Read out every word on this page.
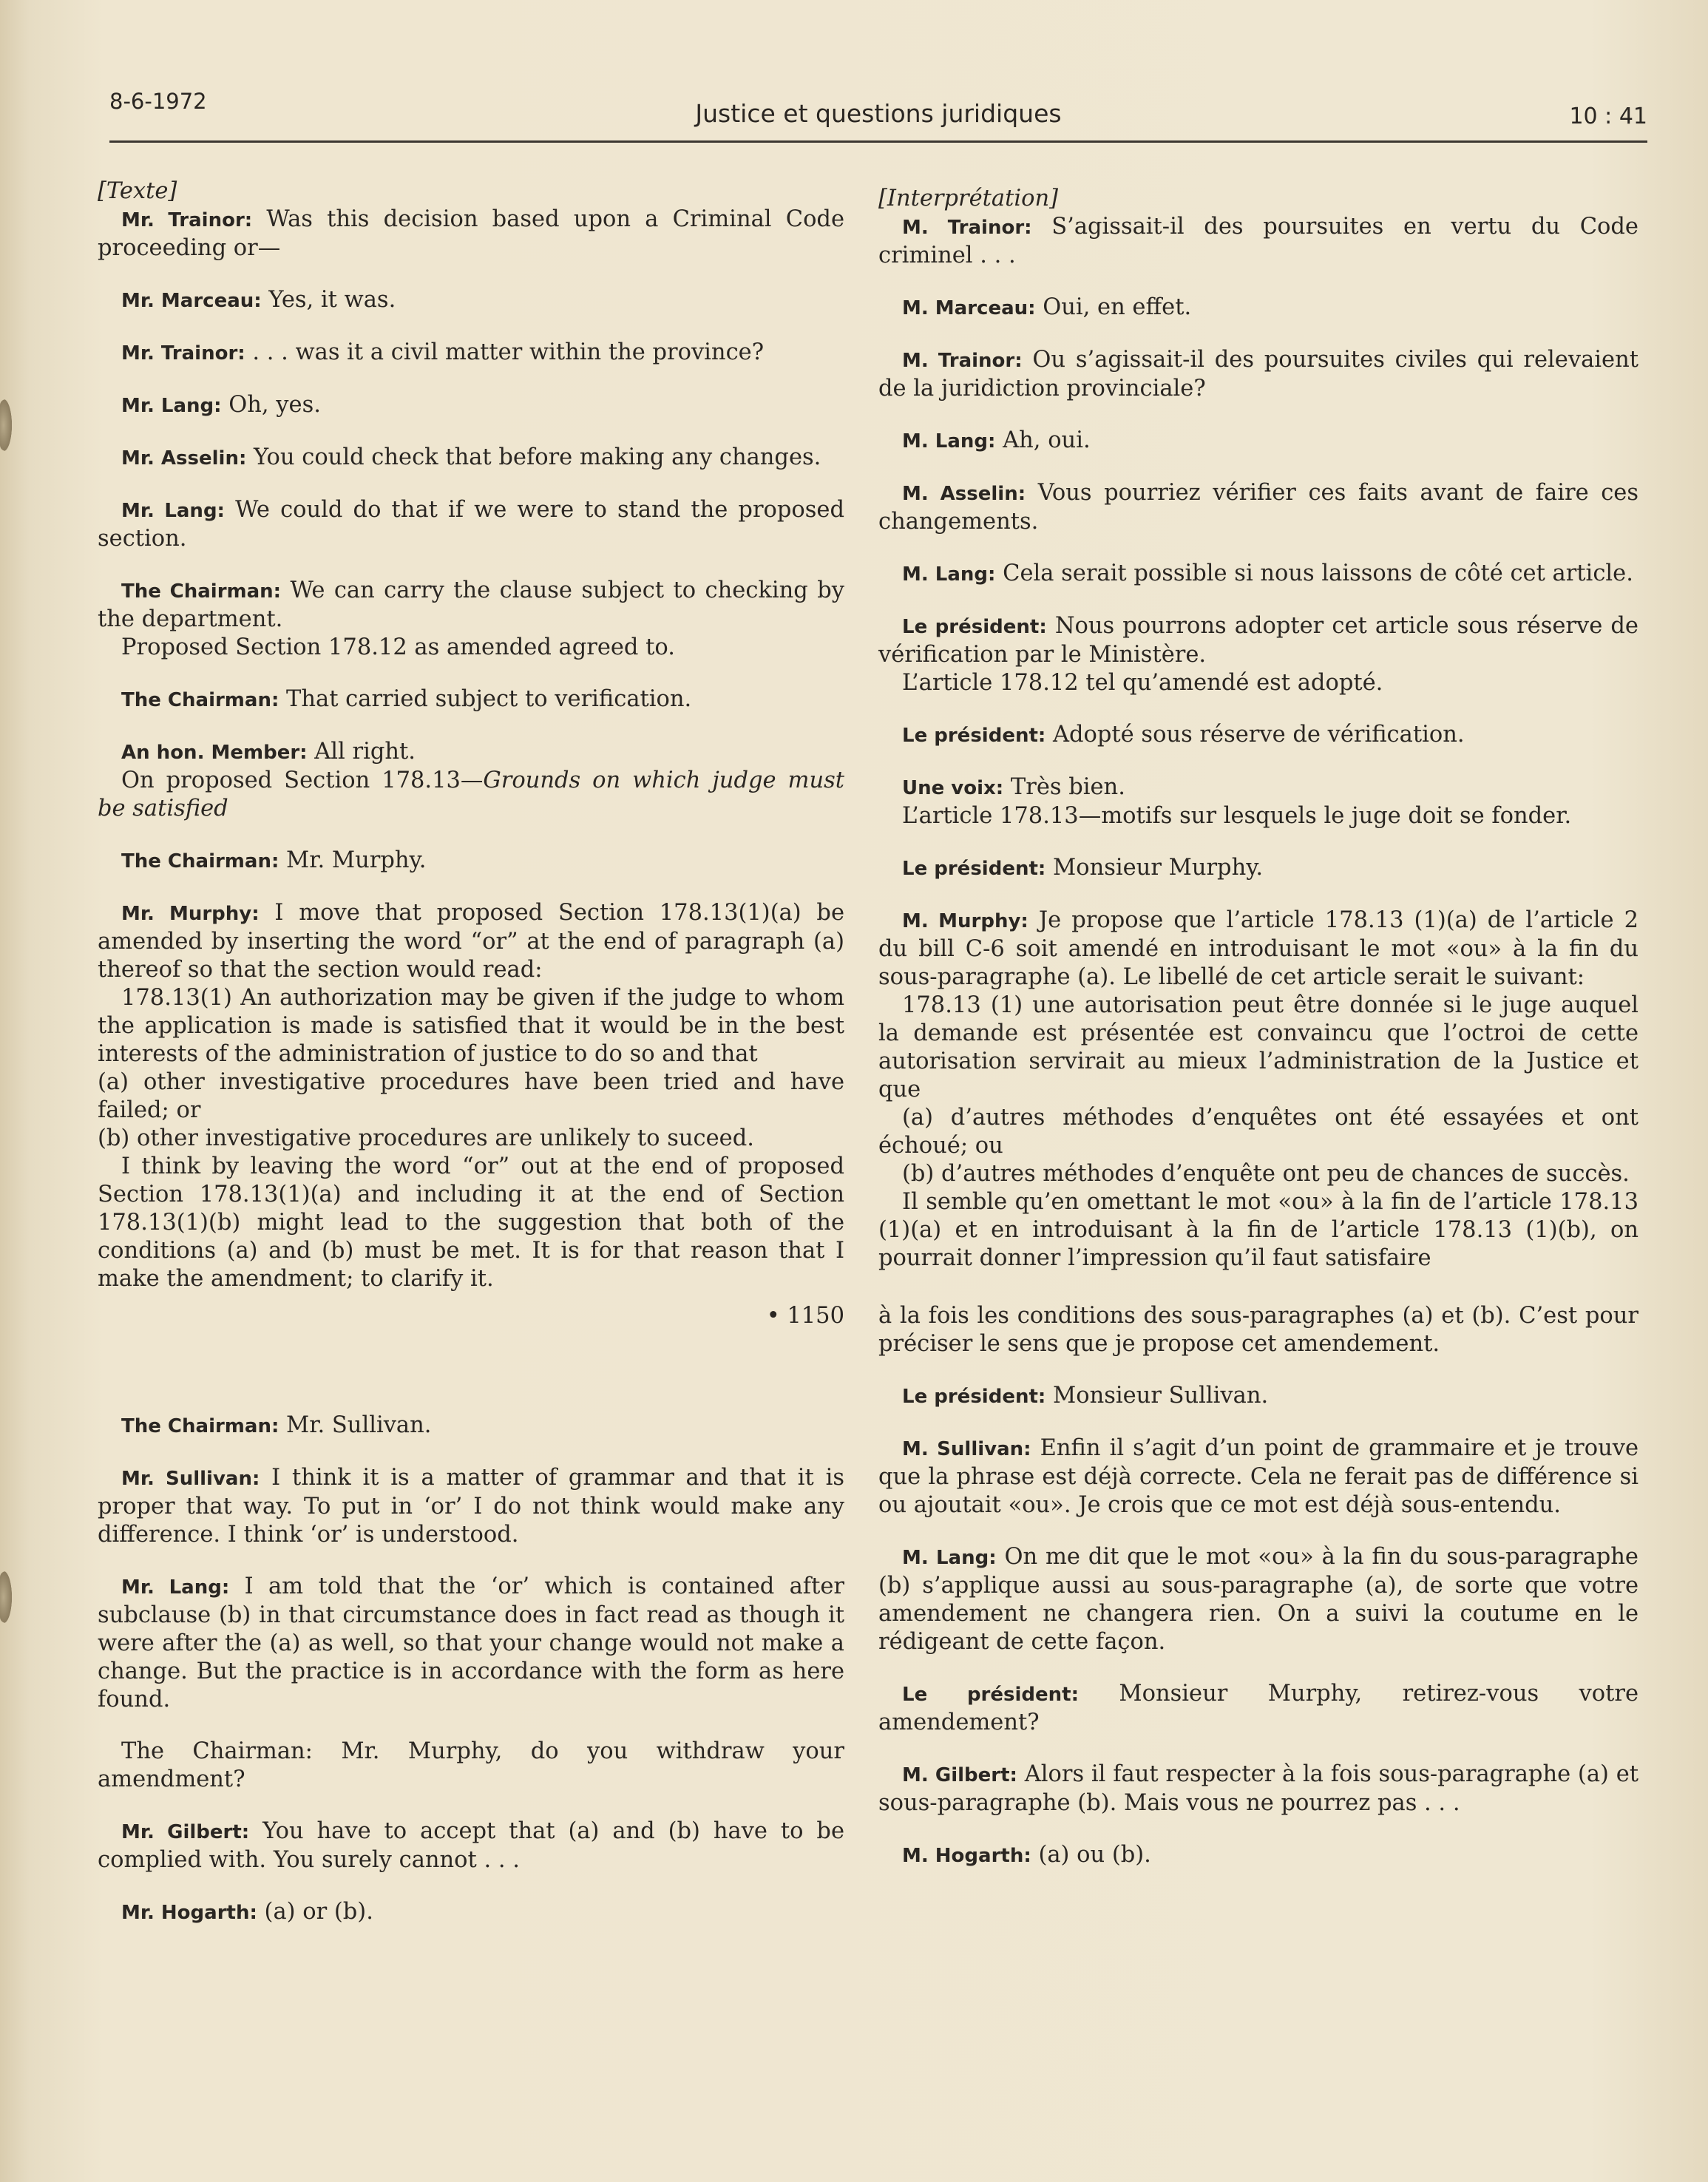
8-6-1972	Justice et questions juridiques	10 : 41

[Texte]

Mr. Trainor: Was this decision based upon a Criminal Code proceeding or—

Mr. Marceau: Yes, it was.

Mr. Trainor: . . . was it a civil matter within the province?

Mr. Lang: Oh, yes.

Mr. Asselin: You could check that before making any changes.

Mr. Lang: We could do that if we were to stand the proposed section.

The Chairman: We can carry the clause subject to checking by the department.

Proposed Section 178.12 as amended agreed to.

The Chairman: That carried subject to verification.

An hon. Member: All right.

On proposed Section 178.13—Grounds on which judge must be satisfied

The Chairman: Mr. Murphy.

Mr. Murphy: I move that proposed Section 178.13(1)(a) be amended by inserting the word “or” at the end of paragraph (a) thereof so that the section would read:

178.13(1) An authorization may be given if the judge to whom the application is made is satisfied that it would be in the best interests of the administration of justice to do so and that

(a) other investigative procedures have been tried and have failed; or

(b) other investigative procedures are unlikely to suceed.

I think by leaving the word “or” out at the end of proposed Section 178.13(1)(a) and including it at the end of Section 178.13(1)(b) might lead to the suggestion that both of the conditions (a) and (b) must be met. It is for that reason that I make the amendment; to clarify it.

• 1150

The Chairman: Mr. Sullivan.

Mr. Sullivan: I think it is a matter of grammar and that it is proper that way. To put in ‘or’ I do not think would make any difference. I think ‘or’ is understood.

Mr. Lang: I am told that the ‘or’ which is contained after subclause (b) in that circumstance does in fact read as though it were after the (a) as well, so that your change would not make a change. But the practice is in accordance with the form as here found.

The Chairman: Mr. Murphy, do you withdraw your amendment?

Mr. Gilbert: You have to accept that (a) and (b) have to be complied with. You surely cannot . . .

Mr. Hogarth: (a) or (b).

[Interprétation]

M. Trainor: S’agissait-il des poursuites en vertu du Code criminel . . .

M. Marceau: Oui, en effet.

M. Trainor: Ou s’agissait-il des poursuites civiles qui relevaient de la juridiction provinciale?

M. Lang: Ah, oui.

M. Asselin: Vous pourriez vérifier ces faits avant de faire ces changements.

M. Lang: Cela serait possible si nous laissons de côté cet article.

Le président: Nous pourrons adopter cet article sous réserve de vérification par le Ministère.

L’article 178.12 tel qu’amendé est adopté.

Le président: Adopté sous réserve de vérification.

Une voix: Très bien.

L’article 178.13—motifs sur lesquels le juge doit se fonder.

Le président: Monsieur Murphy.

M. Murphy: Je propose que l’article 178.13 (1)(a) de l’article 2 du bill C-6 soit amendé en introduisant le mot «ou» à la fin du sous-paragraphe (a). Le libellé de cet article serait le suivant:

178.13 (1) une autorisation peut être donnée si le juge auquel la demande est présentée est convaincu que l’octroi de cette autorisation servirait au mieux l’administration de la Justice et que

(a) d’autres méthodes d’enquêtes ont été essayées et ont échoué; ou

(b) d’autres méthodes d’enquête ont peu de chances de succès.

Il semble qu’en omettant le mot «ou» à la fin de l’article 178.13 (1)(a) et en introduisant à la fin de l’article 178.13 (1)(b), on pourrait donner l’impression qu’il faut satisfaire

à la fois les conditions des sous-paragraphes (a) et (b). C’est pour préciser le sens que je propose cet amendement.

Le président: Monsieur Sullivan.

M. Sullivan: Enfin il s’agit d’un point de grammaire et je trouve que la phrase est déjà correcte. Cela ne ferait pas de différence si ou ajoutait «ou». Je crois que ce mot est déjà sous-entendu.

M. Lang: On me dit que le mot «ou» à la fin du sous-paragraphe (b) s’applique aussi au sous-paragraphe (a), de sorte que votre amendement ne changera rien. On a suivi la coutume en le rédigeant de cette façon.

Le président: Monsieur Murphy, retirez-vous votre amendement?

M. Gilbert: Alors il faut respecter à la fois sous-paragraphe (a) et sous-paragraphe (b). Mais vous ne pourrez pas . . .

M. Hogarth: (a) ou (b).
